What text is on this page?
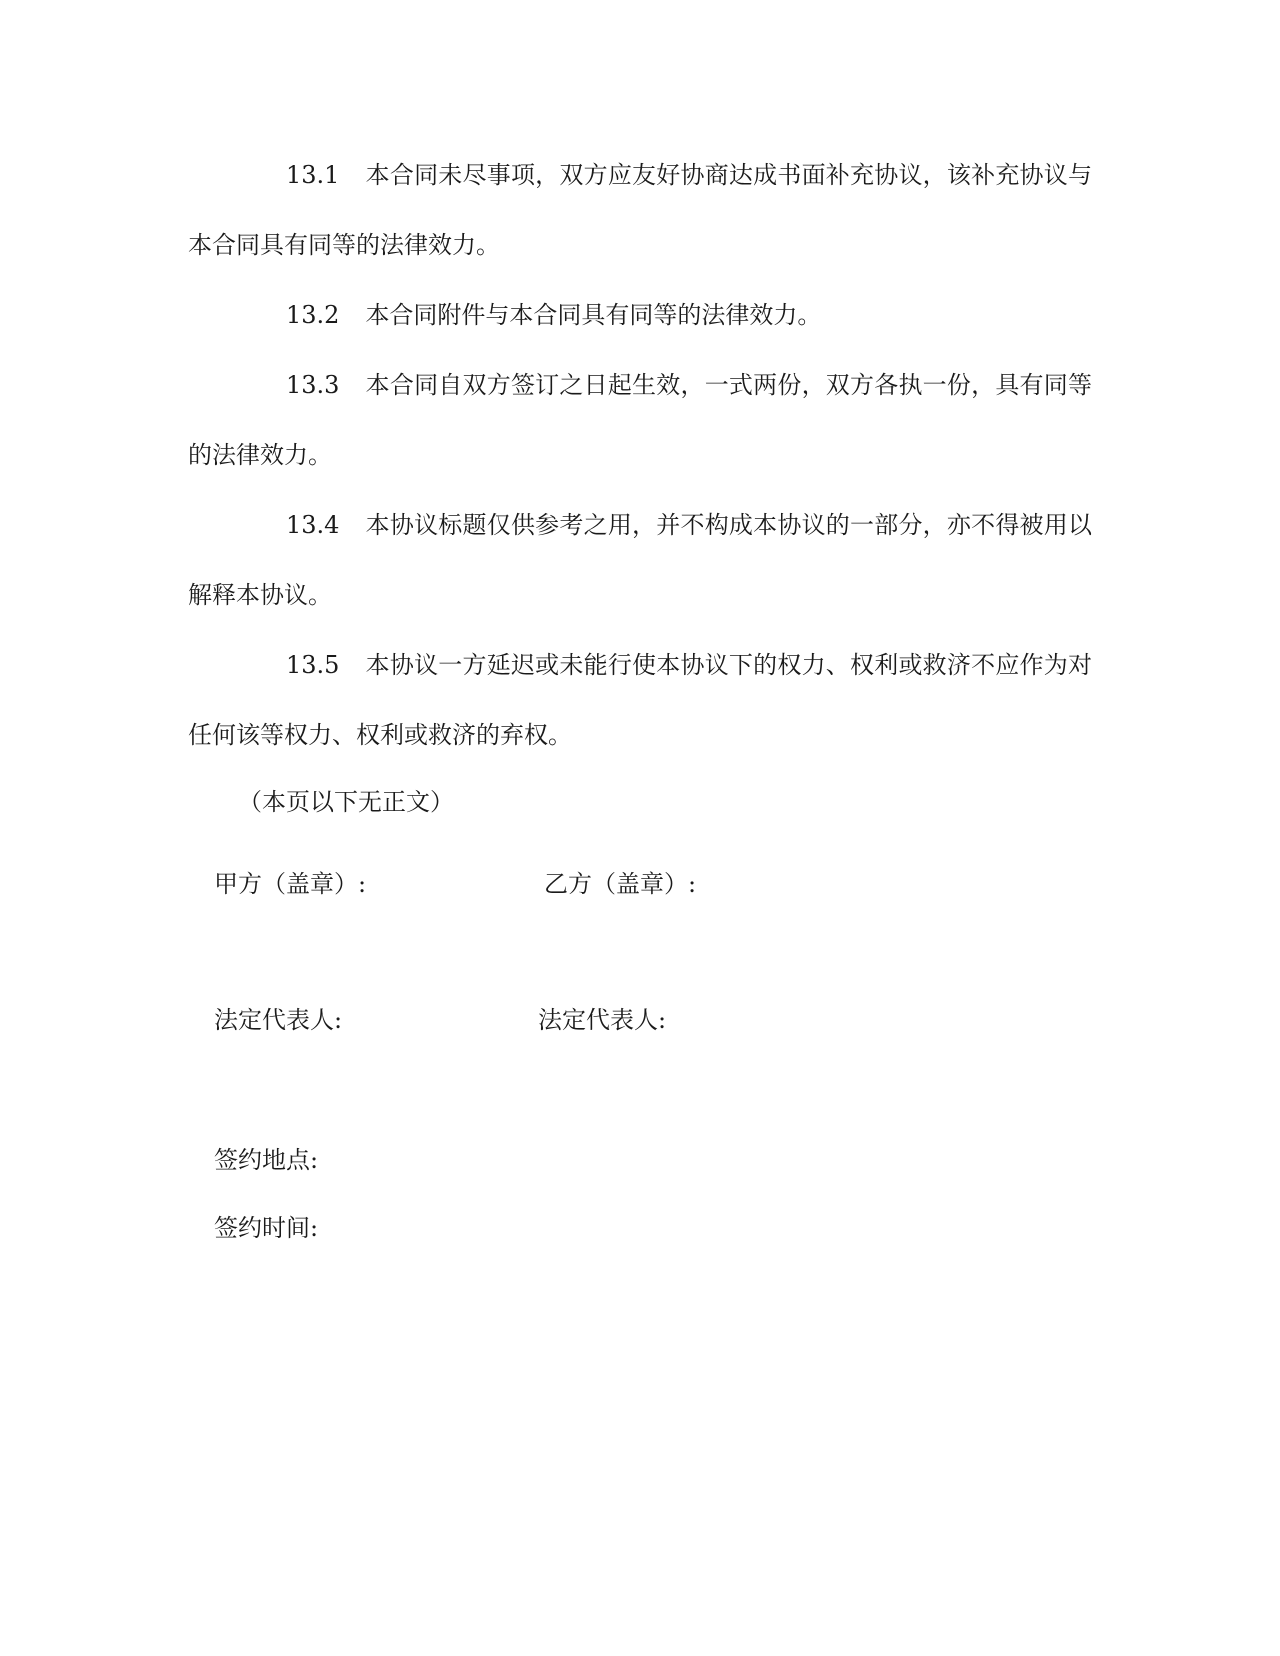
13.1 本合同未尽事项，双方应友好协商达成书面补充协议，该补充协议与本合同具有同等的法律效力。

13.2 本合同附件与本合同具有同等的法律效力。

13.3 本合同自双方签订之日起生效，一式两份，双方各执一份，具有同等的法律效力。

13.4 本协议标题仅供参考之用，并不构成本协议的一部分，亦不得被用以解释本协议。

13.5 本协议一方延迟或未能行使本协议下的权力、权利或救济不应作为对任何该等权力、权利或救济的弃权。

（本页以下无正文）

甲方（盖章）:	乙方（盖章）:

法定代表人:	法定代表人:

签约地点:

签约时间:
